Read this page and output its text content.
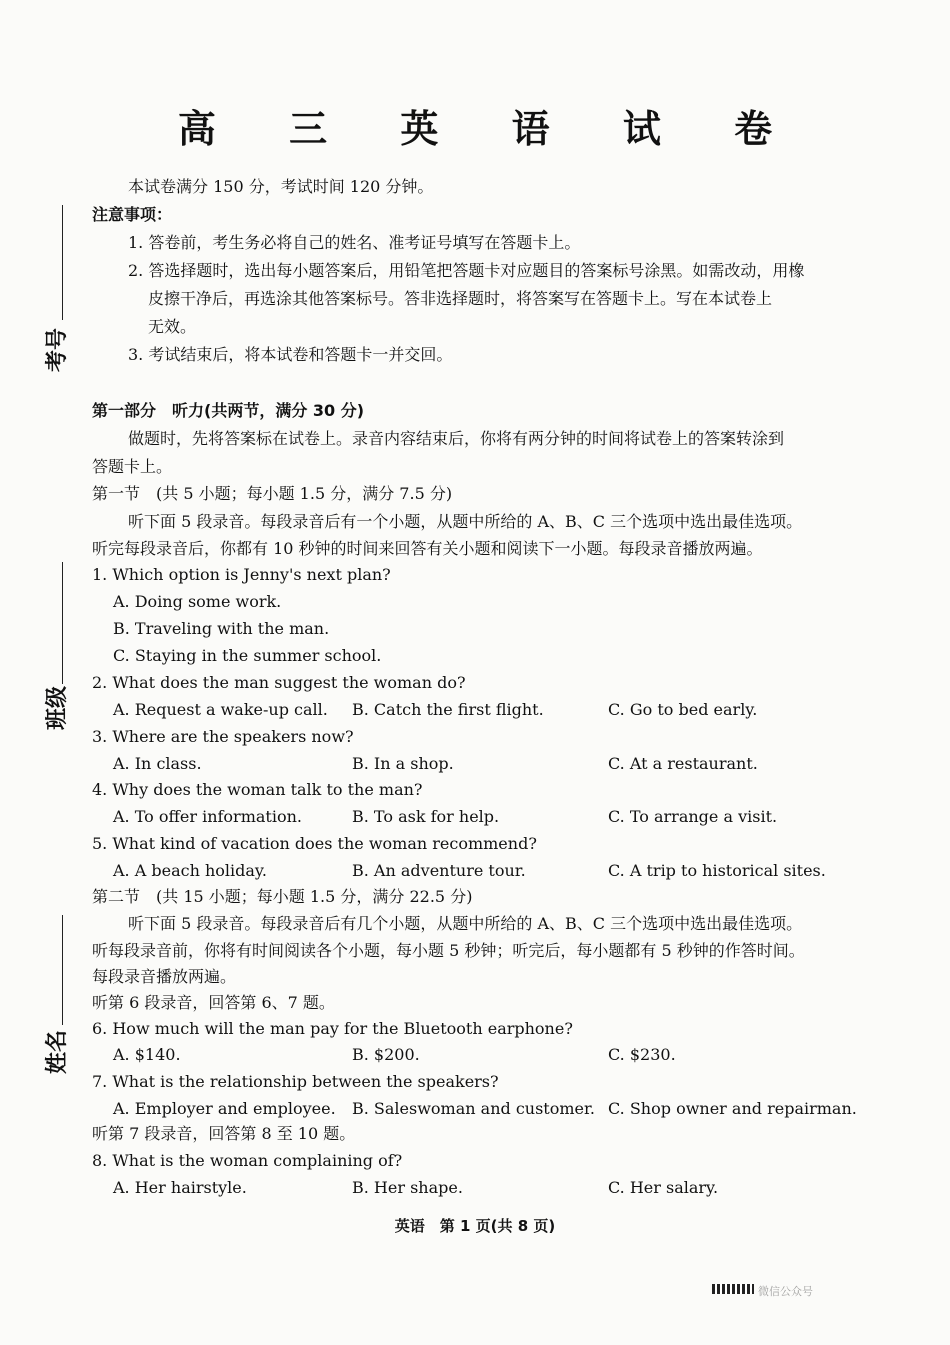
高 三 英 语 试 卷
考号
班级
姓名
本试卷满分 150 分，考试时间 120 分钟。
注意事项：
1. 答卷前，考生务必将自己的姓名、准考证号填写在答题卡上。
2. 答选择题时，选出每小题答案后，用铅笔把答题卡对应题目的答案标号涂黑。如需改动，用橡
皮擦干净后，再选涂其他答案标号。答非选择题时，将答案写在答题卡上。写在本试卷上
无效。
3. 考试结束后，将本试卷和答题卡一并交回。
第一部分　听力(共两节，满分 30 分)
做题时，先将答案标在试卷上。录音内容结束后，你将有两分钟的时间将试卷上的答案转涂到
答题卡上。
第一节　(共 5 小题；每小题 1.5 分，满分 7.5 分)
听下面 5 段录音。每段录音后有一个小题，从题中所给的 A、B、C 三个选项中选出最佳选项。
听完每段录音后，你都有 10 秒钟的时间来回答有关小题和阅读下一小题。每段录音播放两遍。
1. Which option is Jenny's next plan?
A. Doing some work.
B. Traveling with the man.
C. Staying in the summer school.
2. What does the man suggest the woman do?
A. Request a wake-up call. B. Catch the first flight.	C. Go to bed early.
3. Where are the speakers now?
A. In class.	B. In a shop.	C. At a restaurant.
4. Why does the woman talk to the man?
A. To offer information.	B. To ask for help.	C. To arrange a visit.
5. What kind of vacation does the woman recommend?
A. A beach holiday.	B. An adventure tour.	C. A trip to historical sites.
第二节　(共 15 小题；每小题 1.5 分，满分 22.5 分)
听下面 5 段录音。每段录音后有几个小题，从题中所给的 A、B、C 三个选项中选出最佳选项。
听每段录音前，你将有时间阅读各个小题，每小题 5 秒钟；听完后，每小题都有 5 秒钟的作答时间。
每段录音播放两遍。
听第 6 段录音，回答第 6、7 题。
6. How much will the man pay for the Bluetooth earphone?
A. $140.	B. $200.	C. $230.
7. What is the relationship between the speakers?
A. Employer and employee. B. Saleswoman and customer. C. Shop owner and repairman.
听第 7 段录音，回答第 8 至 10 题。
8. What is the woman complaining of?
A. Her hairstyle.	B. Her shape.	C. Her salary.
英语　第 1 页(共 8 页)
微信公众号
